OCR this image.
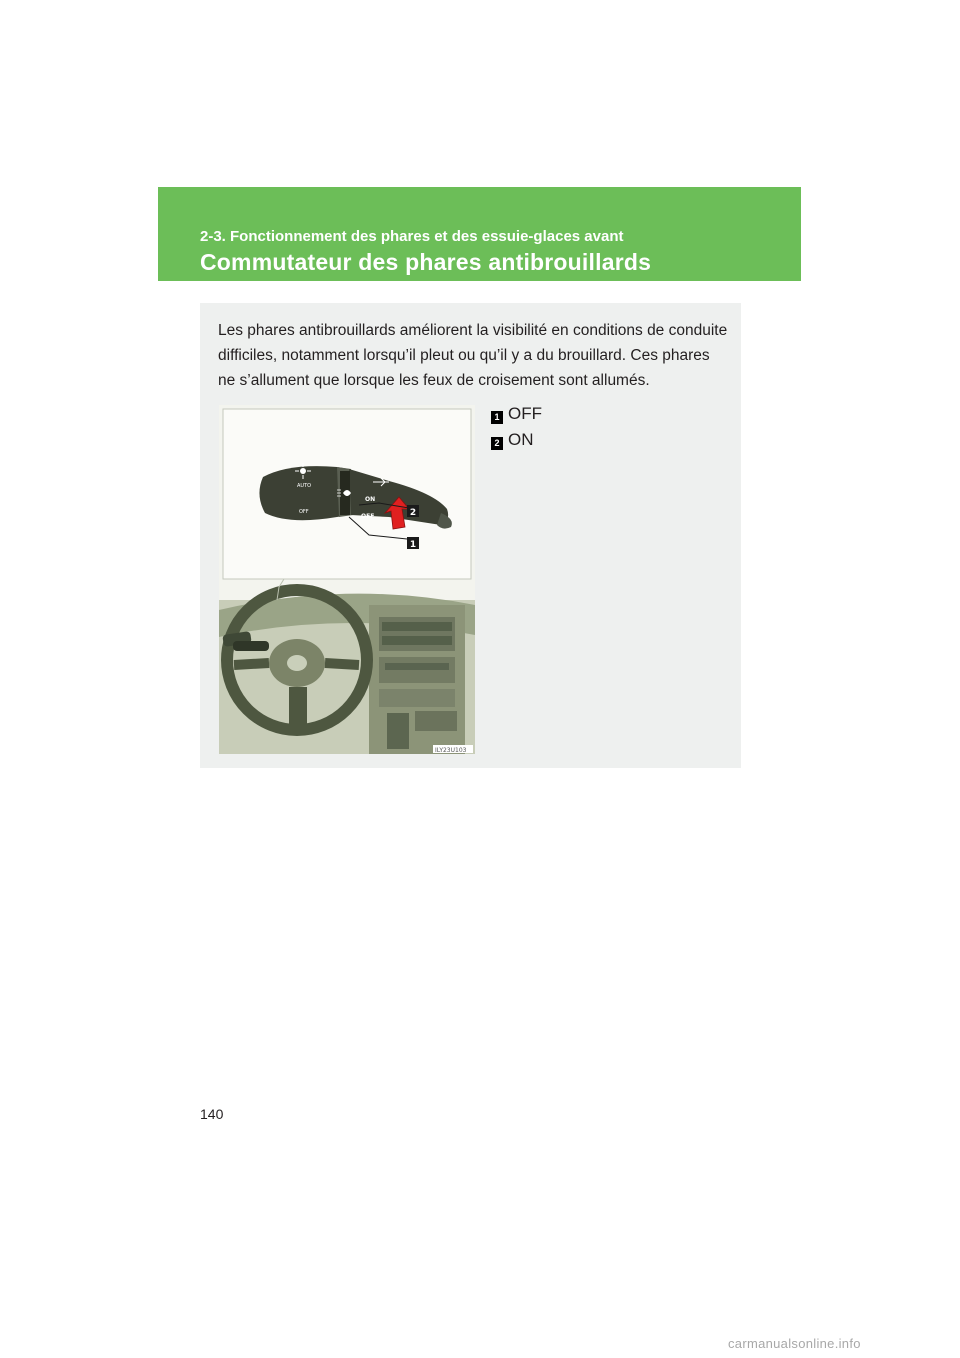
2-3. Fonctionnement des phares et des essuie-glaces avant
Commutateur des phares antibrouillards

Les phares antibrouillards améliorent la visibilité en conditions de conduite difficiles, notamment lorsqu’il pleut ou qu’il y a du brouillard. Ces phares ne s’allument que lorsque les feux de croisement sont allumés.

AUTO
OFF
ON
OFF	2
1
ILY23U103
1 OFF
2 ON
140
carmanualsonline.info
